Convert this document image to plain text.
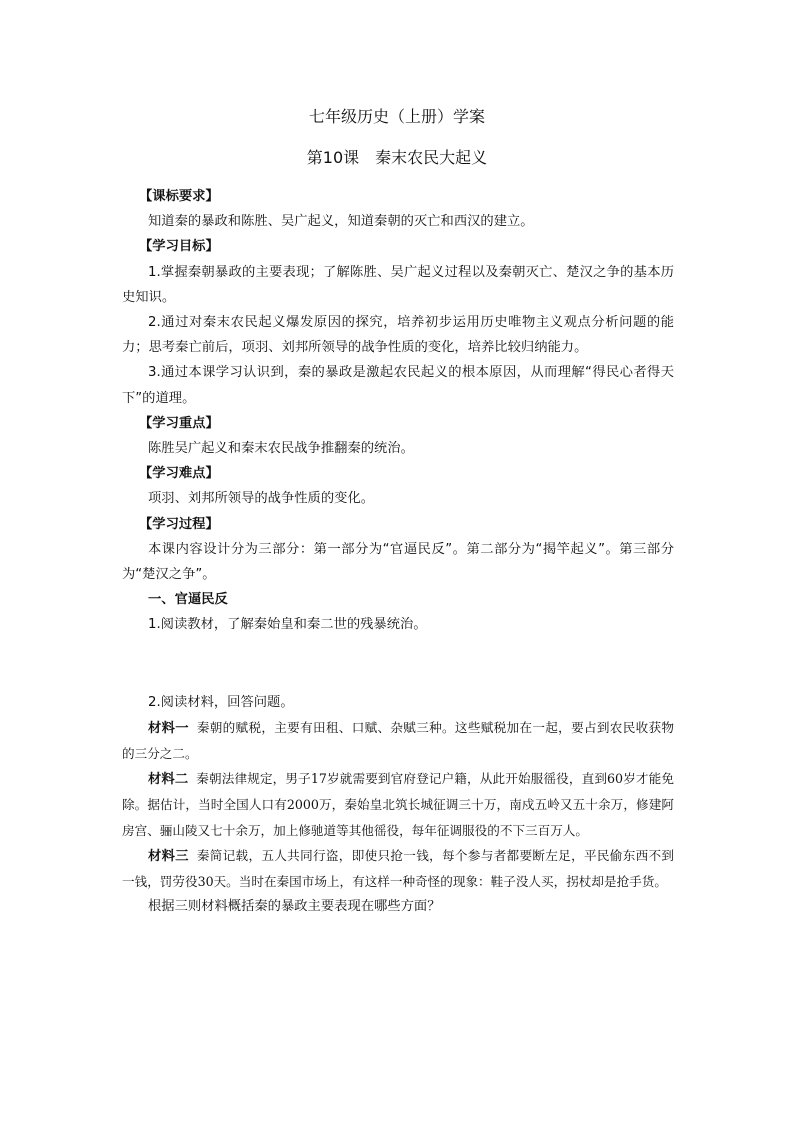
七年级历史（上册）学案
第10课 秦末农民大起义

【课标要求】

知道秦的暴政和陈胜、吴广起义，知道秦朝的灭亡和西汉的建立。

【学习目标】

1.掌握秦朝暴政的主要表现；了解陈胜、吴广起义过程以及秦朝灭亡、楚汉之争的基本历史知识。

2.通过对秦末农民起义爆发原因的探究，培养初步运用历史唯物主义观点分析问题的能力；思考秦亡前后，项羽、刘邦所领导的战争性质的变化，培养比较归纳能力。

3.通过本课学习认识到，秦的暴政是激起农民起义的根本原因，从而理解“得民心者得天下”的道理。

【学习重点】

陈胜吴广起义和秦末农民战争推翻秦的统治。

【学习难点】

项羽、刘邦所领导的战争性质的变化。

【学习过程】

本课内容设计分为三部分：第一部分为“官逼民反”。第二部分为“揭竿起义”。第三部分为“楚汉之争”。

一、官逼民反

1.阅读教材，了解秦始皇和秦二世的残暴统治。

2.阅读材料，回答问题。

材料一 秦朝的赋税，主要有田租、口赋、杂赋三种。这些赋税加在一起，要占到农民收获物的三分之二。

材料二 秦朝法律规定，男子17岁就需要到官府登记户籍，从此开始服徭役，直到60岁才能免除。据估计，当时全国人口有2000万，秦始皇北筑长城征调三十万，南戍五岭又五十余万，修建阿房宫、骊山陵又七十余万，加上修驰道等其他徭役，每年征调服役的不下三百万人。

材料三 秦简记载，五人共同行盗，即使只抢一钱，每个参与者都要断左足，平民偷东西不到一钱，罚劳役30天。当时在秦国市场上，有这样一种奇怪的现象：鞋子没人买，拐杖却是抢手货。

根据三则材料概括秦的暴政主要表现在哪些方面？
